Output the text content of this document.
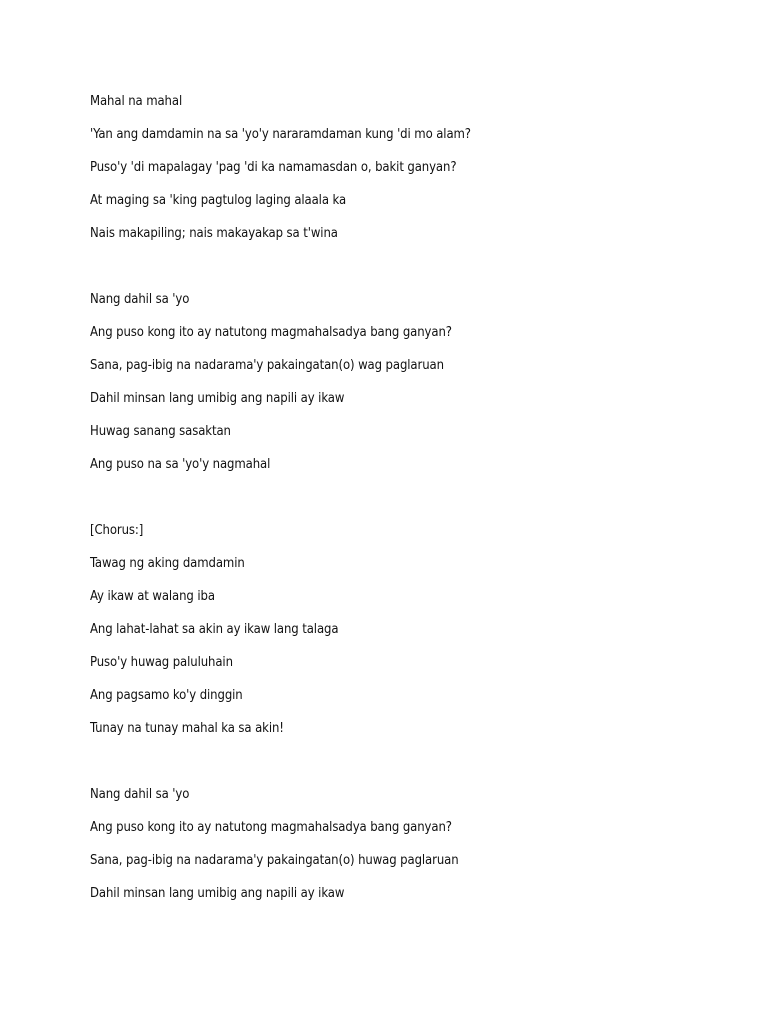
Mahal na mahal
'Yan ang damdamin na sa 'yo'y nararamdaman kung 'di mo alam?
Puso'y 'di mapalagay 'pag 'di ka namamasdan o, bakit ganyan?
At maging sa 'king pagtulog laging alaala ka
Nais makapiling; nais makayakap sa t'wina
Nang dahil sa 'yo
Ang puso kong ito ay natutong magmahalsadya bang ganyan?
Sana, pag-ibig na nadarama'y pakaingatan(o) wag paglaruan
Dahil minsan lang umibig ang napili ay ikaw
Huwag sanang sasaktan
Ang puso na sa 'yo'y nagmahal
[Chorus:]
Tawag ng aking damdamin
Ay ikaw at walang iba
Ang lahat-lahat sa akin ay ikaw lang talaga
Puso'y huwag paluluhain
Ang pagsamo ko'y dinggin
Tunay na tunay mahal ka sa akin!
Nang dahil sa 'yo
Ang puso kong ito ay natutong magmahalsadya bang ganyan?
Sana, pag-ibig na nadarama'y pakaingatan(o) huwag paglaruan
Dahil minsan lang umibig ang napili ay ikaw
